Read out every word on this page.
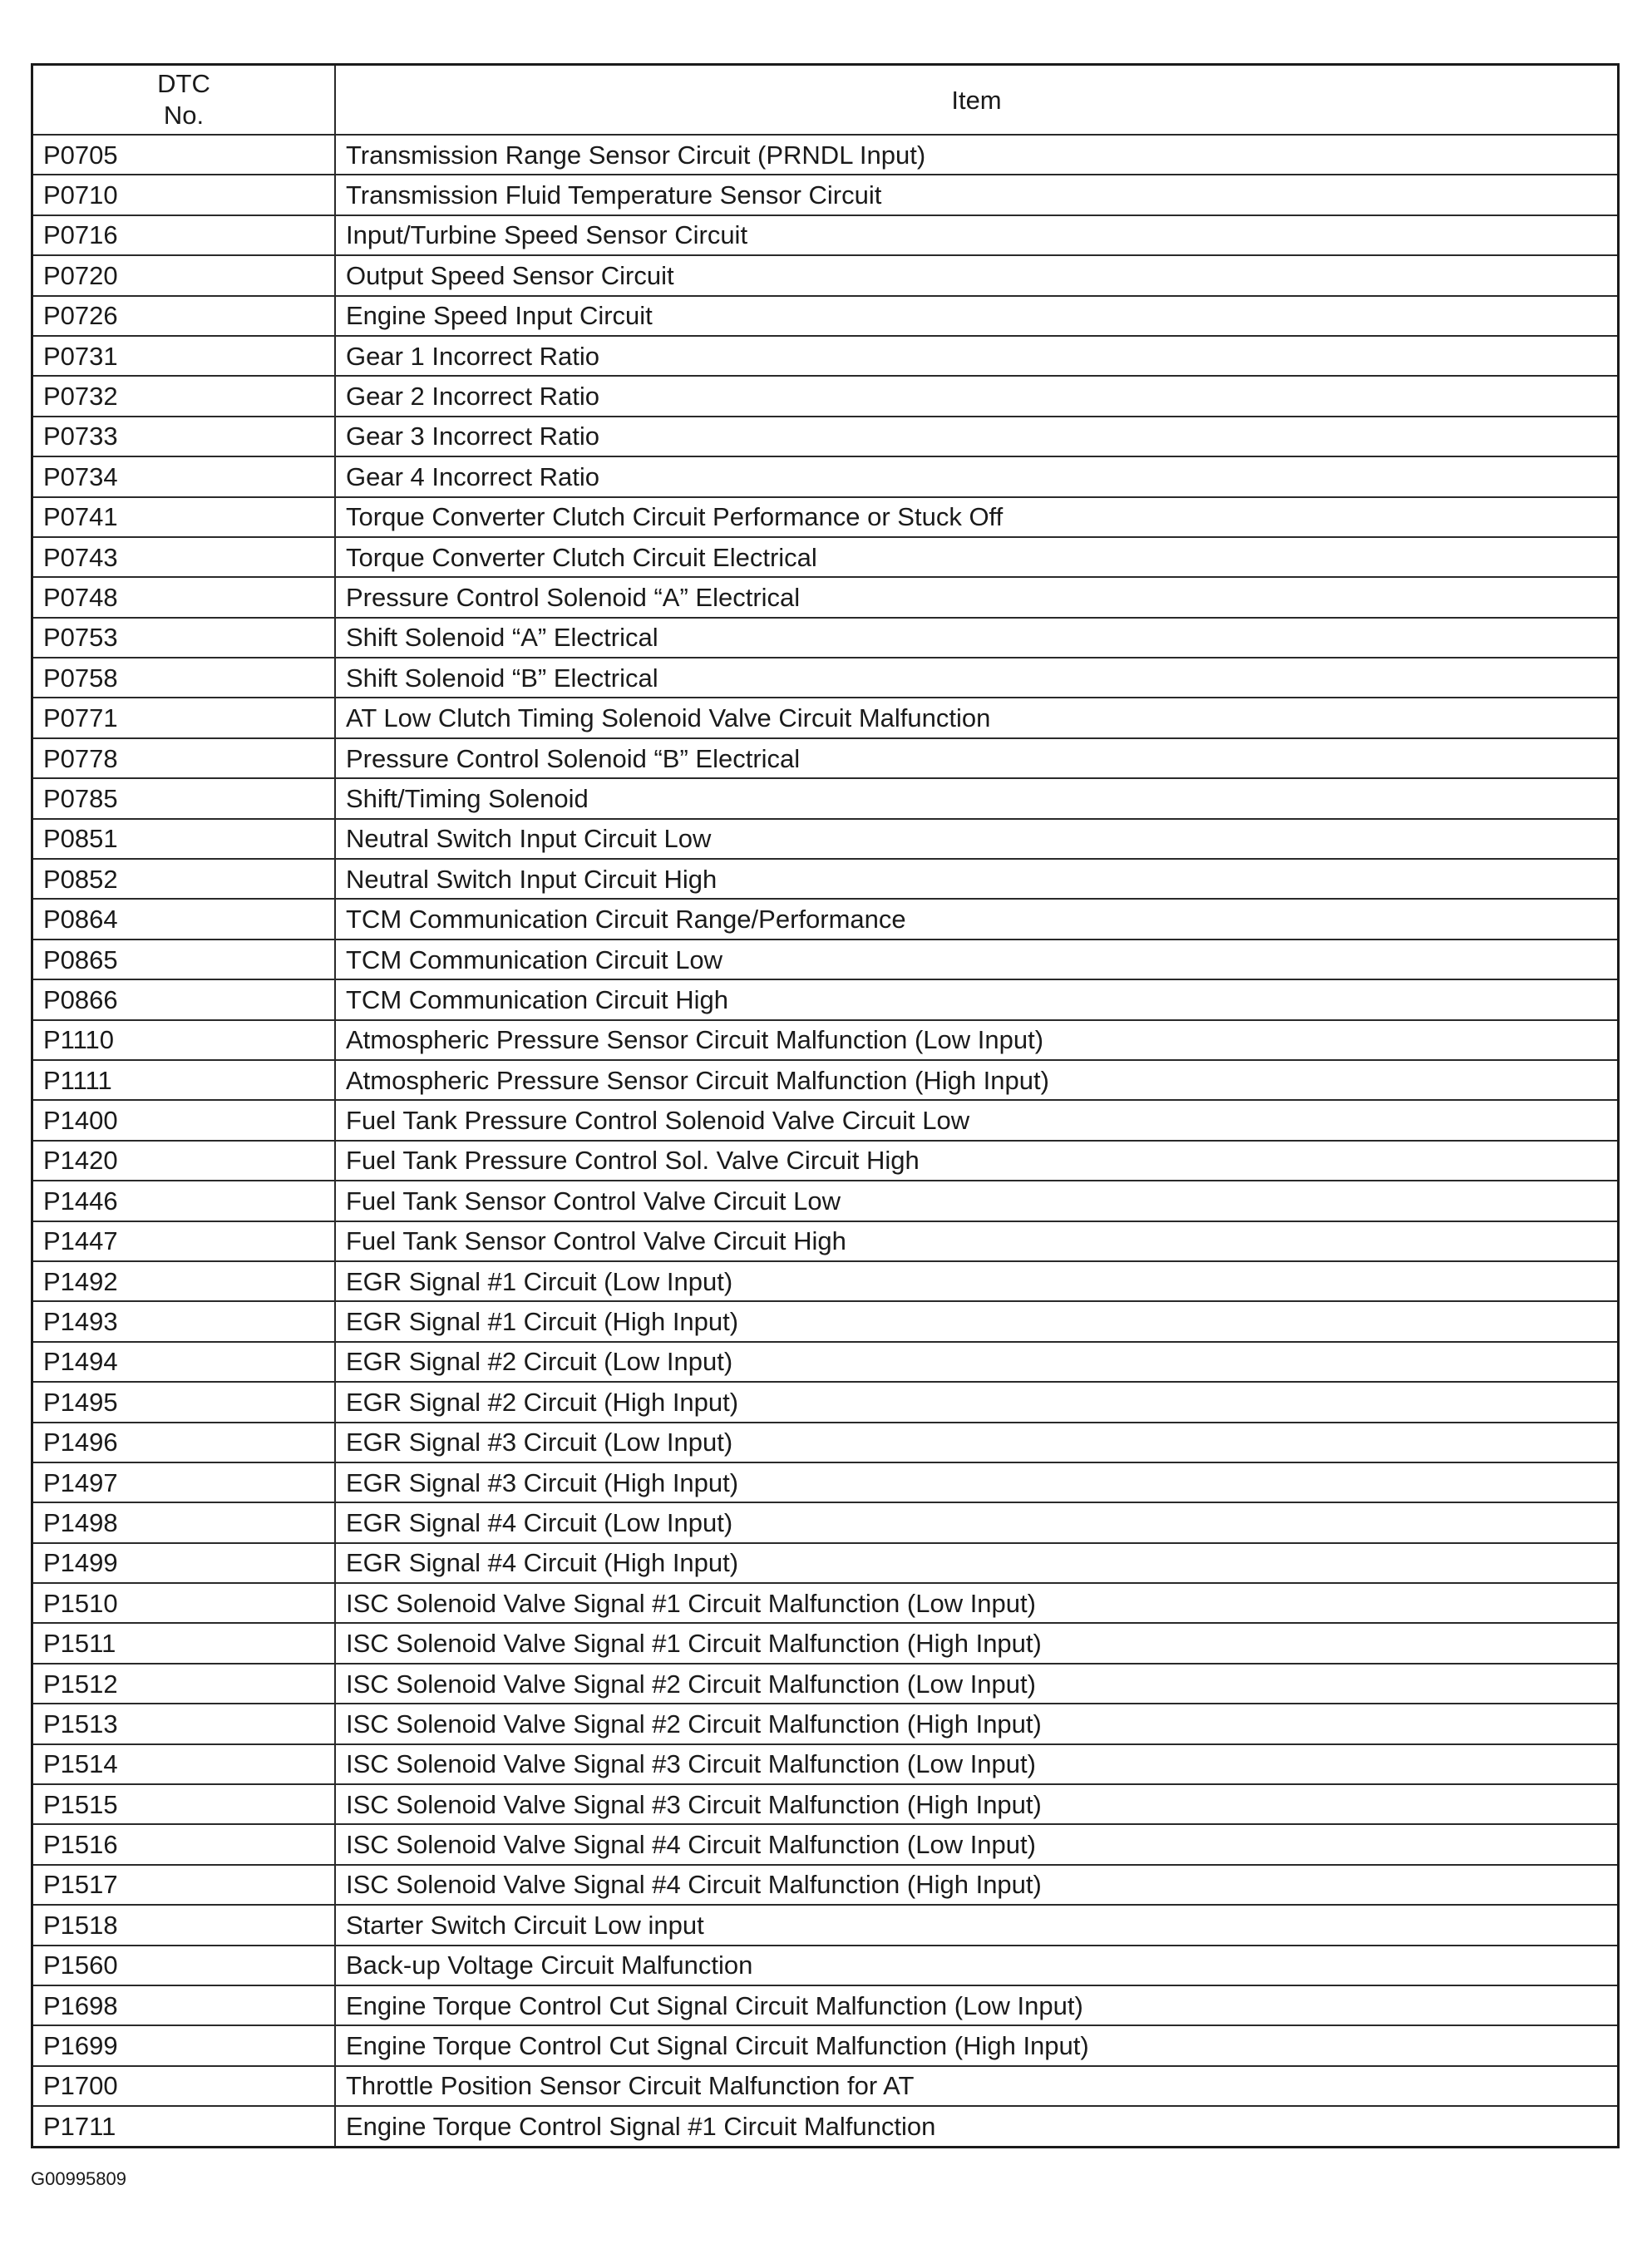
DTC
No.	Item
P0705	Transmission Range Sensor Circuit (PRNDL Input)
P0710	Transmission Fluid Temperature Sensor Circuit
P0716	Input/Turbine Speed Sensor Circuit
P0720	Output Speed Sensor Circuit
P0726	Engine Speed Input Circuit
P0731	Gear 1 Incorrect Ratio
P0732	Gear 2 Incorrect Ratio
P0733	Gear 3 Incorrect Ratio
P0734	Gear 4 Incorrect Ratio
P0741	Torque Converter Clutch Circuit Performance or Stuck Off
P0743	Torque Converter Clutch Circuit Electrical
P0748	Pressure Control Solenoid “A” Electrical
P0753	Shift Solenoid “A” Electrical
P0758	Shift Solenoid “B” Electrical
P0771	AT Low Clutch Timing Solenoid Valve Circuit Malfunction
P0778	Pressure Control Solenoid “B” Electrical
P0785	Shift/Timing Solenoid
P0851	Neutral Switch Input Circuit Low
P0852	Neutral Switch Input Circuit High
P0864	TCM Communication Circuit Range/Performance
P0865	TCM Communication Circuit Low
P0866	TCM Communication Circuit High
P1110	Atmospheric Pressure Sensor Circuit Malfunction (Low Input)
P1111	Atmospheric Pressure Sensor Circuit Malfunction (High Input)
P1400	Fuel Tank Pressure Control Solenoid Valve Circuit Low
P1420	Fuel Tank Pressure Control Sol. Valve Circuit High
P1446	Fuel Tank Sensor Control Valve Circuit Low
P1447	Fuel Tank Sensor Control Valve Circuit High
P1492	EGR Signal #1 Circuit (Low Input)
P1493	EGR Signal #1 Circuit (High Input)
P1494	EGR Signal #2 Circuit (Low Input)
P1495	EGR Signal #2 Circuit (High Input)
P1496	EGR Signal #3 Circuit (Low Input)
P1497	EGR Signal #3 Circuit (High Input)
P1498	EGR Signal #4 Circuit (Low Input)
P1499	EGR Signal #4 Circuit (High Input)
P1510	ISC Solenoid Valve Signal #1 Circuit Malfunction (Low Input)
P1511	ISC Solenoid Valve Signal #1 Circuit Malfunction (High Input)
P1512	ISC Solenoid Valve Signal #2 Circuit Malfunction (Low Input)
P1513	ISC Solenoid Valve Signal #2 Circuit Malfunction (High Input)
P1514	ISC Solenoid Valve Signal #3 Circuit Malfunction (Low Input)
P1515	ISC Solenoid Valve Signal #3 Circuit Malfunction (High Input)
P1516	ISC Solenoid Valve Signal #4 Circuit Malfunction (Low Input)
P1517	ISC Solenoid Valve Signal #4 Circuit Malfunction (High Input)
P1518	Starter Switch Circuit Low input
P1560	Back-up Voltage Circuit Malfunction
P1698	Engine Torque Control Cut Signal Circuit Malfunction (Low Input)
P1699	Engine Torque Control Cut Signal Circuit Malfunction (High Input)
P1700	Throttle Position Sensor Circuit Malfunction for AT
P1711	Engine Torque Control Signal #1 Circuit Malfunction
G00995809
